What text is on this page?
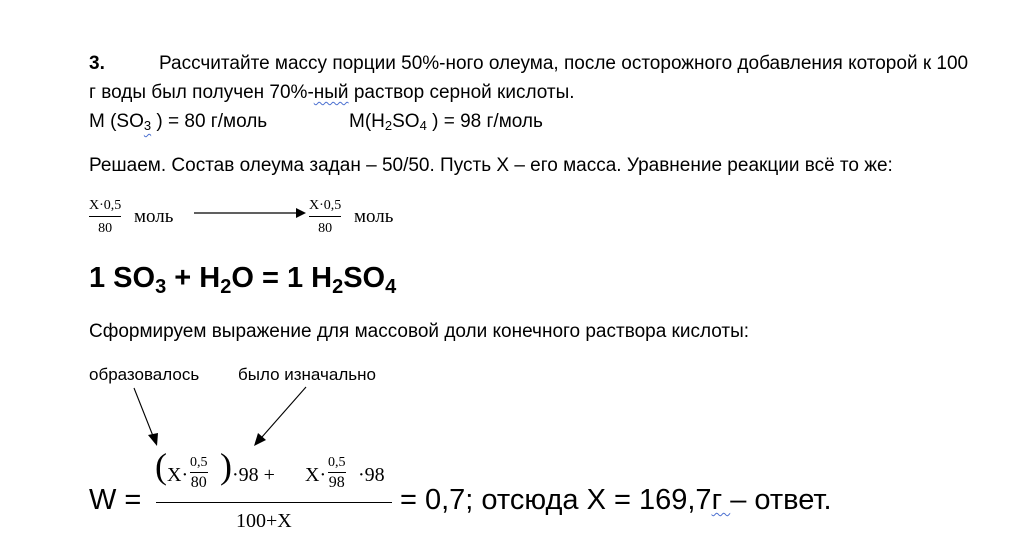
3.	Рассчитайте массу порции 50%-ного олеума, после осторожного добавления которой к 100
г воды был получен 70%-ный раствор серной кислоты.
M (SO3 ) = 80 г/моль	M(H2SO4 ) = 98 г/моль
Решаем. Состав олеума задан – 50/50. Пусть X – его масса. Уравнение реакции всё то же:
X·0,5
80
моль
X·0,5
80
моль
1 $SO_3 + H_2O = 1$ $H_2SO_4$
Сформируем выражение для массовой доли конечного раствора кислоты:
образовалось было изначально
W =
( X·
0,5
80 ) ·98 + X·
0,5
98 ·98
100+X
= 0,7; отсюда X = 169,7г – ответ.
